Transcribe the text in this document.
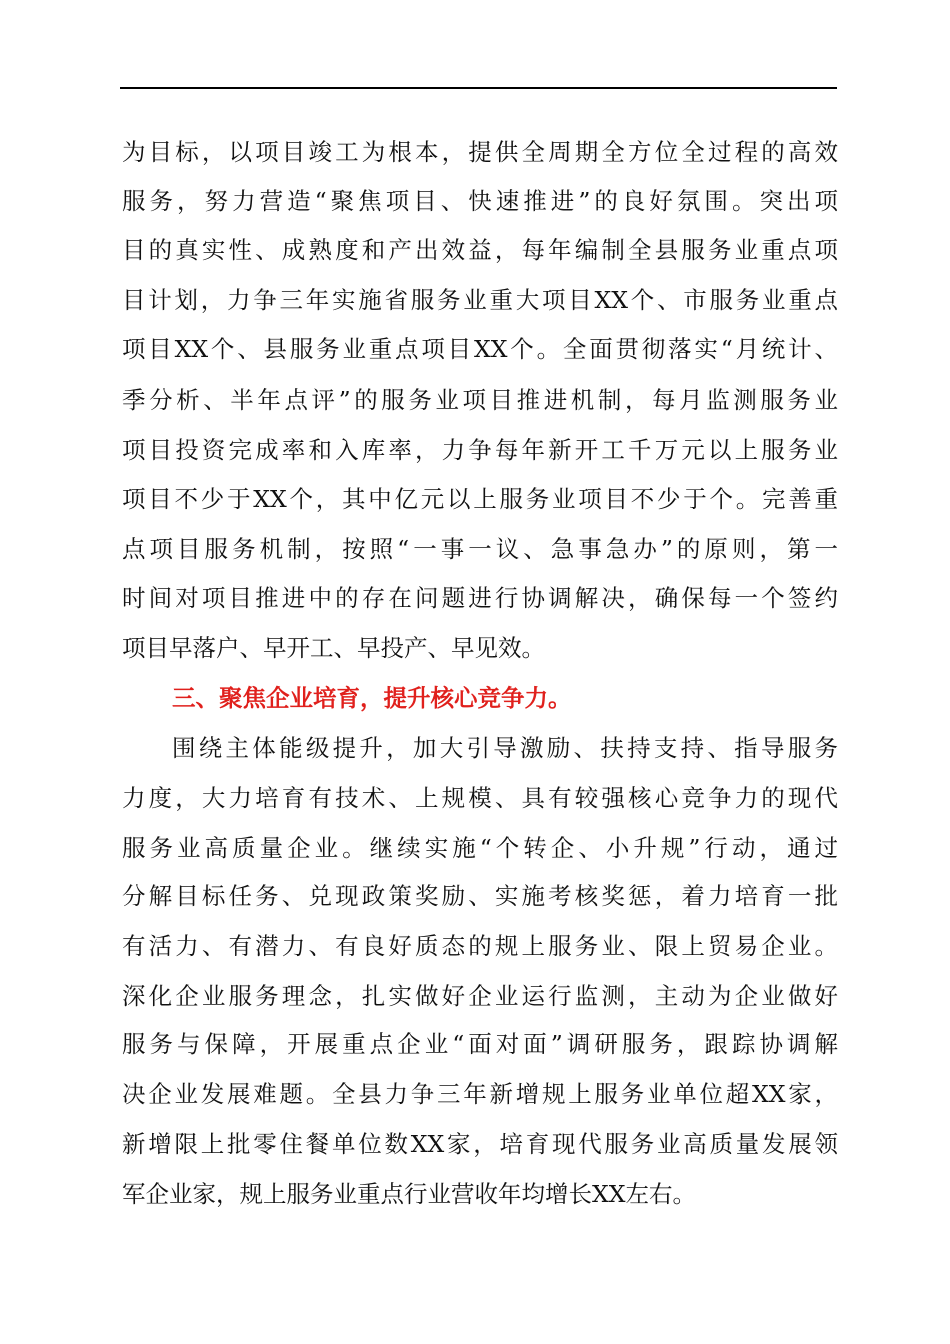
为目标，以项目竣工为根本，提供全周期全方位全过程的高效

服务，努力营造“聚焦项目、快速推进”的良好氛围。突出项

目的真实性、成熟度和产出效益，每年编制全县服务业重点项

目计划，力争三年实施省服务业重大项目XX个、市服务业重点

项目XX个、县服务业重点项目XX个。全面贯彻落实“月统计、

季分析、半年点评”的服务业项目推进机制，每月监测服务业

项目投资完成率和入库率，力争每年新开工千万元以上服务业

项目不少于XX个，其中亿元以上服务业项目不少于个。完善重

点项目服务机制，按照“一事一议、急事急办”的原则，第一

时间对项目推进中的存在问题进行协调解决，确保每一个签约

项目早落户、早开工、早投产、早见效。

三、聚焦企业培育，提升核心竞争力。

围绕主体能级提升，加大引导激励、扶持支持、指导服务

力度，大力培育有技术、上规模、具有较强核心竞争力的现代

服务业高质量企业。继续实施“个转企、小升规”行动，通过

分解目标任务、兑现政策奖励、实施考核奖惩，着力培育一批

有活力、有潜力、有良好质态的规上服务业、限上贸易企业。

深化企业服务理念，扎实做好企业运行监测，主动为企业做好

服务与保障，开展重点企业“面对面”调研服务，跟踪协调解

决企业发展难题。全县力争三年新增规上服务业单位超XX家，

新增限上批零住餐单位数XX家，培育现代服务业高质量发展领

军企业家，规上服务业重点行业营收年均增长XX左右。
